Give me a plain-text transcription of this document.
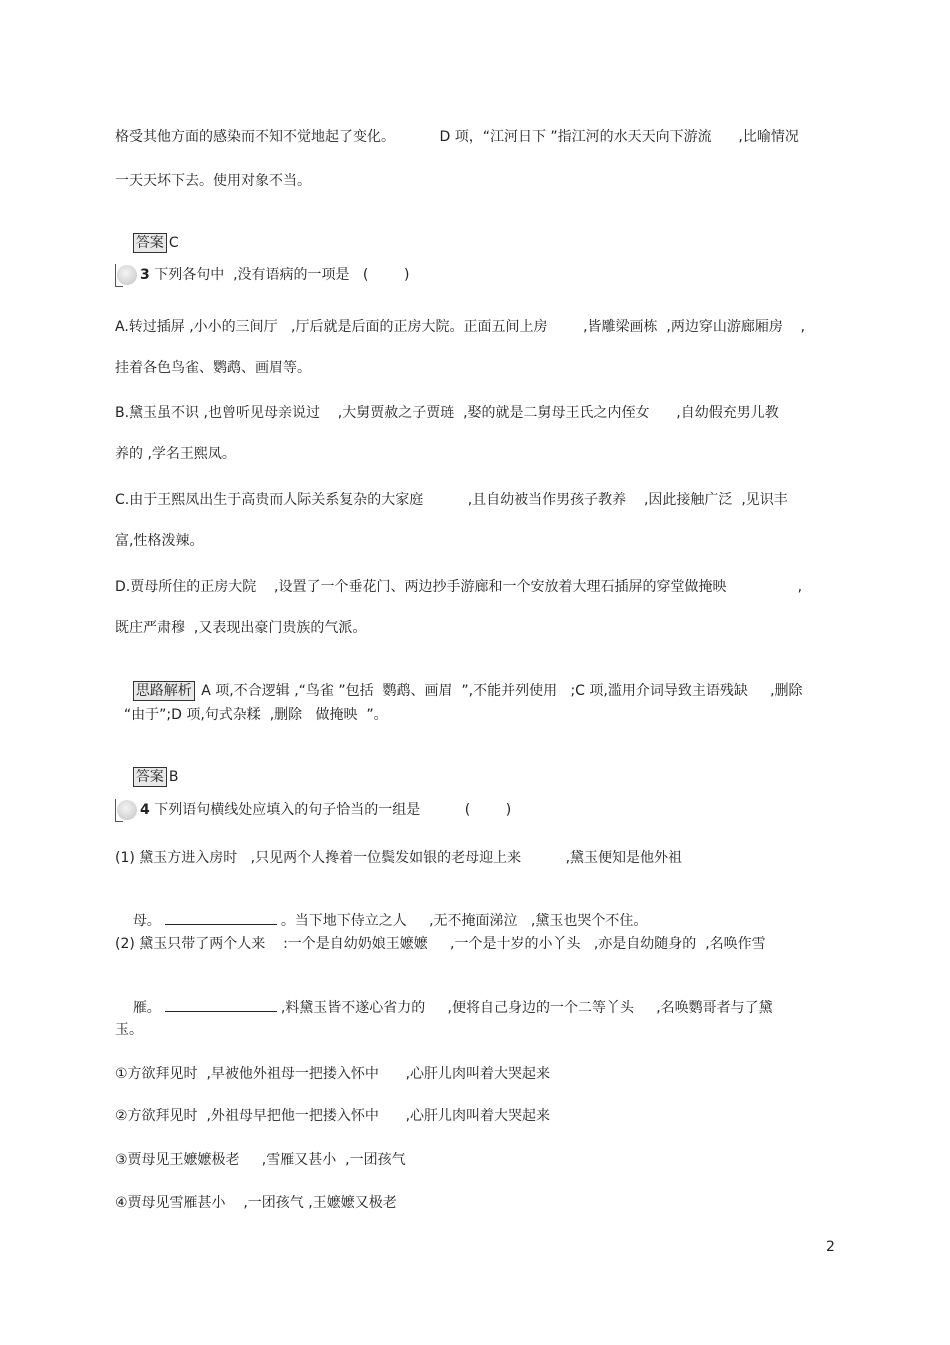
格受其他方面的感染而不知不觉地起了变化。          D 项，“江河日下 ”指江河的水天天向下游流      ,比喻情况
一天天坏下去。使用对象不当。

答案 C

3 下列各句中  ,没有语病的一项是   (        )
A.转过插屏 ,小小的三间厅   ,厅后就是后面的正房大院。正面五间上房        ,皆雕梁画栋  ,两边穿山游廊厢房    ,
挂着各色鸟雀、鹦鹉、画眉等。
B.黛玉虽不识 ,也曾听见母亲说过    ,大舅贾赦之子贾琏  ,娶的就是二舅母王氏之内侄女      ,自幼假充男儿教
养的 ,学名王熙凤。
C.由于王熙凤出生于高贵而人际关系复杂的大家庭          ,且自幼被当作男孩子教养    ,因此接触广泛  ,见识丰
富,性格泼辣。
D.贾母所住的正房大院    ,设置了一个垂花门、两边抄手游廊和一个安放着大理石插屏的穿堂做掩映                ,
既庄严肃穆  ,又表现出豪门贵族的气派。

思路解析 A 项,不合逻辑 ,“鸟雀 ”包括  鹦鹉、画眉  ”,不能并列使用   ;C 项,滥用介词导致主语残缺     ,删除

“由于”;D 项,句式杂糅  ,删除   做掩映  ”。

答案 B

4 下列语句横线处应填入的句子恰当的一组是          (        )
(1) 黛玉方进入房时   ,只见两个人搀着一位鬓发如银的老母迎上来          ,黛玉便知是他外祖

母。	。当下地下侍立之人     ,无不掩面涕泣   ,黛玉也哭个不住。

(2) 黛玉只带了两个人来    :一个是自幼奶娘王嬷嬷     ,一个是十岁的小丫头   ,亦是自幼随身的  ,名唤作雪

雁。	,料黛玉皆不遂心省力的     ,便将自己身边的一个二等丫头     ,名唤鹦哥者与了黛

玉。
①方欲拜见时  ,早被他外祖母一把搂入怀中      ,心肝儿肉叫着大哭起来
②方欲拜见时  ,外祖母早把他一把搂入怀中      ,心肝儿肉叫着大哭起来
③贾母见王嬷嬷极老     ,雪雁又甚小  ,一团孩气
④贾母见雪雁甚小    ,一团孩气 ,王嬷嬷又极老
2
